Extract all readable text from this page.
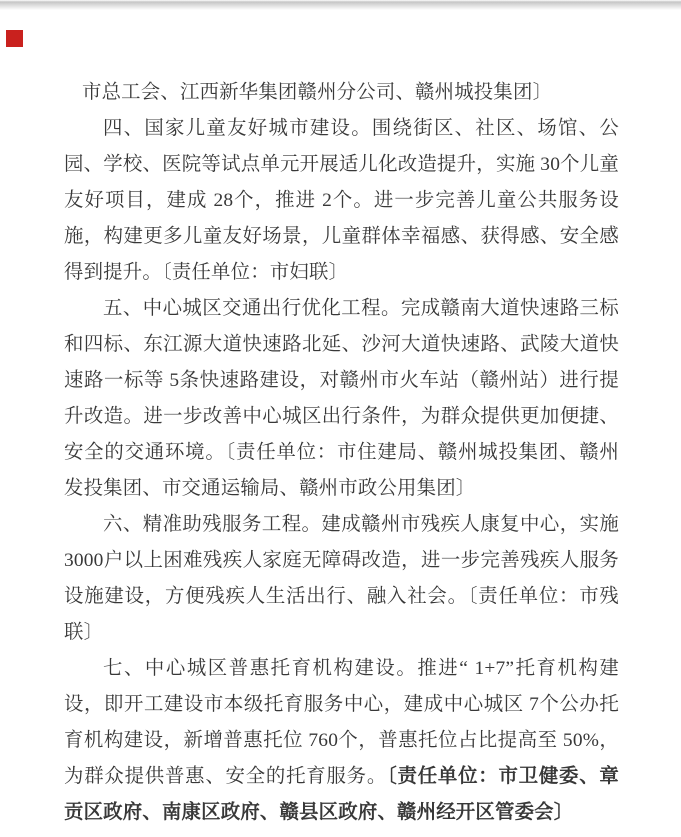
市总工会、江西新华集团赣州分公司、赣州城投集团〕

四、国家儿童友好城市建设。围绕街区、社区、场馆、公园、学校、医院等试点单元开展适儿化改造提升，实施 30个儿童友好项目，建成 28个，推进 2个。进一步完善儿童公共服务设施，构建更多儿童友好场景，儿童群体幸福感、获得感、安全感得到提升。〔责任单位：市妇联〕

五、中心城区交通出行优化工程。完成赣南大道快速路三标和四标、东江源大道快速路北延、沙河大道快速路、武陵大道快速路一标等 5条快速路建设，对赣州市火车站（赣州站）进行提升改造。进一步改善中心城区出行条件，为群众提供更加便捷、安全的交通环境。〔责任单位：市住建局、赣州城投集团、赣州发投集团、市交通运输局、赣州市政公用集团〕

六、精准助残服务工程。建成赣州市残疾人康复中心，实施 3000户以上困难残疾人家庭无障碍改造，进一步完善残疾人服务设施建设，方便残疾人生活出行、融入社会。〔责任单位：市残联〕

七、中心城区普惠托育机构建设。推进“ 1+7”托育机构建设，即开工建设市本级托育服务中心，建成中心城区 7个公办托育机构建设，新增普惠托位 760个，普惠托位占比提高至 50%，为群众提供普惠、安全的托育服务。〔责任单位：市卫健委、章贡区政府、南康区政府、赣县区政府、赣州经开区管委会〕
